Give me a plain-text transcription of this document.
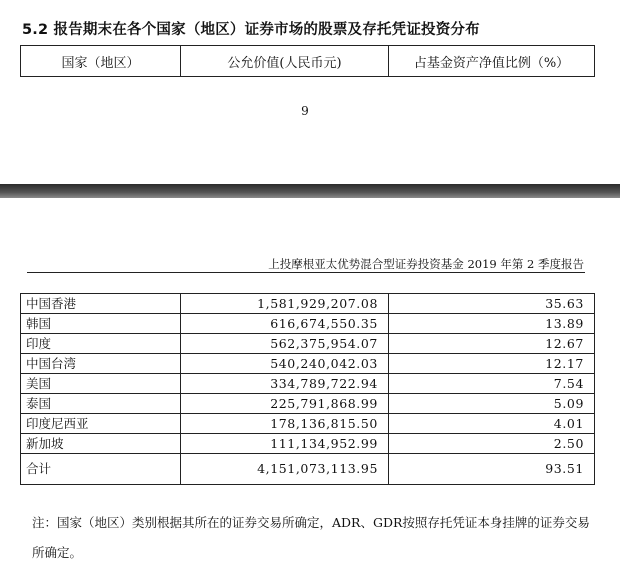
5.2 报告期末在各个国家（地区）证券市场的股票及存托凭证投资分布
国家（地区）	公允价值(人民币元)	占基金资产净值比例（%）
9
上投摩根亚太优势混合型证券投资基金 2019 年第 2 季度报告
中国香港	1,581,929,207.08	35.63
韩国	616,674,550.35	13.89
印度	562,375,954.07	12.67
中国台湾	540,240,042.03	12.17
美国	334,789,722.94	7.54
泰国	225,791,868.99	5.09
印度尼西亚	178,136,815.50	4.01
新加坡	111,134,952.99	2.50
合计	4,151,073,113.95	93.51
注：国家（地区）类别根据其所在的证券交易所确定，ADR、GDR按照存托凭证本身挂牌的证券交易所确定。
